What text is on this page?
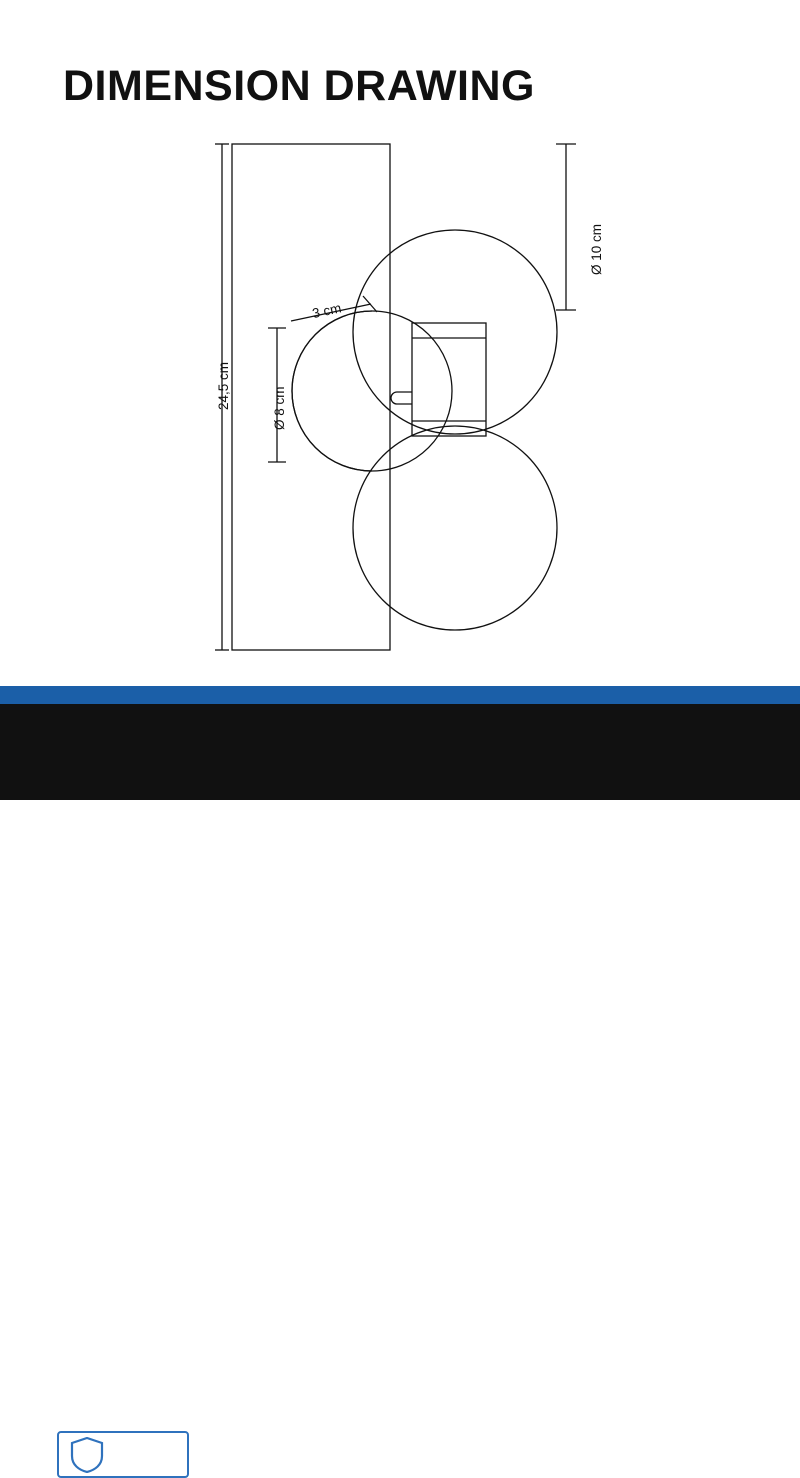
DIMENSION DRAWING
24,5 cm
Ø 10 cm
Ø 8 cm
3 cm
2	YEAR
WARRANTY	Olucia
